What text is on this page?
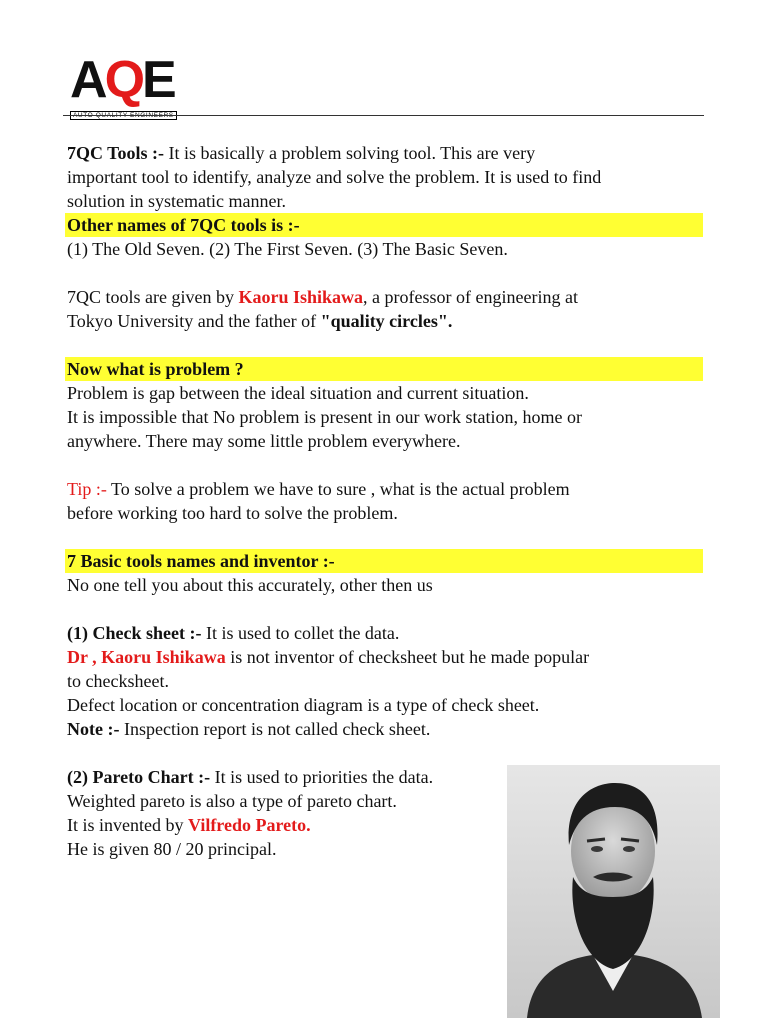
AQE
AUTO QUALITY ENGINEERS

7QC Tools :- It is basically a problem solving tool. This are very

important tool to identify, analyze and solve the problem. It is used to find

solution in systematic manner.

Other names of 7QC tools is :-

(1) The Old Seven. (2) The First Seven. (3) The Basic Seven.

7QC tools are given by Kaoru Ishikawa, a professor of engineering at

Tokyo University and the father of "quality circles".

Now what is problem ?

Problem is gap between the ideal situation and current situation.

It is impossible that No problem is present in our work station, home or

anywhere. There may some little problem everywhere.

Tip :- To solve a problem we have to sure , what is the actual problem

before working too hard to solve the problem.

7 Basic tools names and inventor :-

No one tell you about this accurately, other then us

(1) Check sheet :- It is used to collet the data.

Dr , Kaoru Ishikawa is not inventor of checksheet but he made popular

to checksheet.

Defect location or concentration diagram is a type of check sheet.

Note :- Inspection report is not called check sheet.

(2) Pareto Chart :- It is used to priorities the data.

Weighted pareto is also a type of pareto chart.

It is invented by Vilfredo Pareto.

He is given 80 / 20 principal.
